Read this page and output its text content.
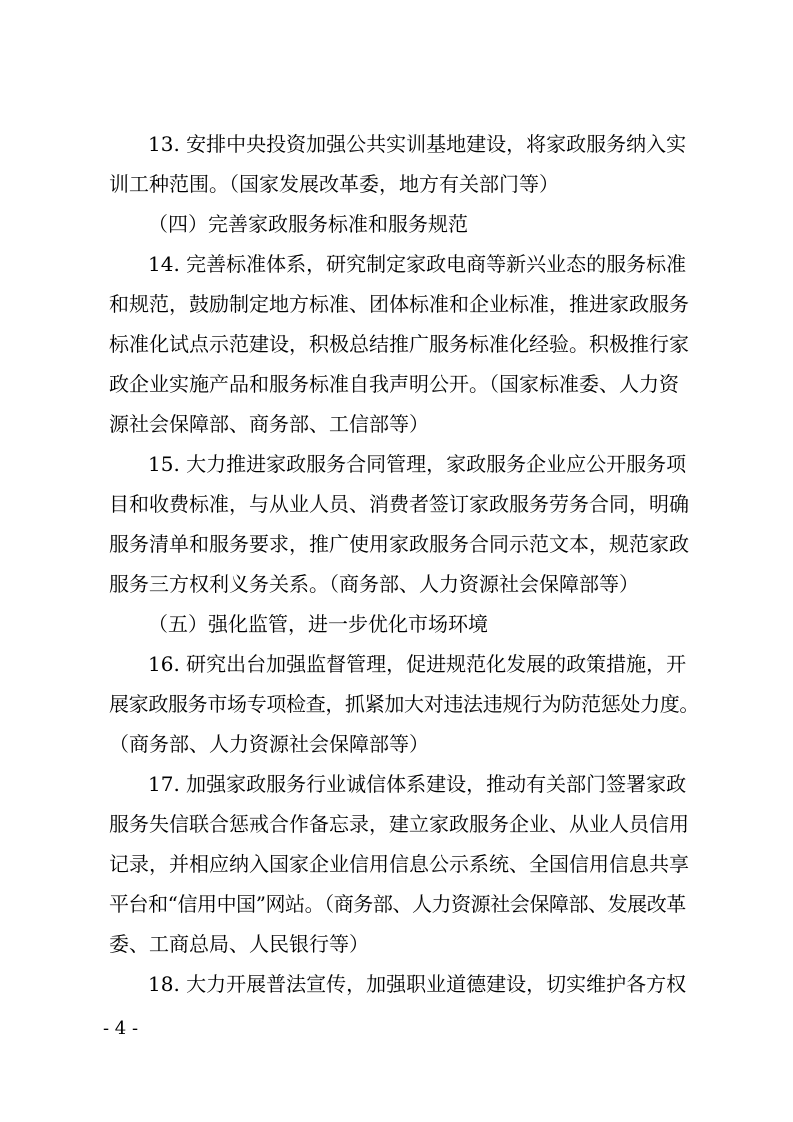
13. 安排中央投资加强公共实训基地建设，将家政服务纳入实
训工种范围。（国家发展改革委，地方有关部门等）
（四）完善家政服务标准和服务规范
14. 完善标准体系，研究制定家政电商等新兴业态的服务标准
和规范，鼓励制定地方标准、团体标准和企业标准，推进家政服务
标准化试点示范建设，积极总结推广服务标准化经验。积极推行家
政企业实施产品和服务标准自我声明公开。（国家标准委、人力资
源社会保障部、商务部、工信部等）
15. 大力推进家政服务合同管理，家政服务企业应公开服务项
目和收费标准，与从业人员、消费者签订家政服务劳务合同，明确
服务清单和服务要求，推广使用家政服务合同示范文本，规范家政
服务三方权利义务关系。（商务部、人力资源社会保障部等）
（五）强化监管，进一步优化市场环境
16. 研究出台加强监督管理，促进规范化发展的政策措施，开
展家政服务市场专项检查，抓紧加大对违法违规行为防范惩处力度。
（商务部、人力资源社会保障部等）
17. 加强家政服务行业诚信体系建设，推动有关部门签署家政
服务失信联合惩戒合作备忘录，建立家政服务企业、从业人员信用
记录，并相应纳入国家企业信用信息公示系统、全国信用信息共享
平台和“信用中国”网站。（商务部、人力资源社会保障部、发展改革
委、工商总局、人民银行等）
18. 大力开展普法宣传，加强职业道德建设，切实维护各方权
- 4 -
